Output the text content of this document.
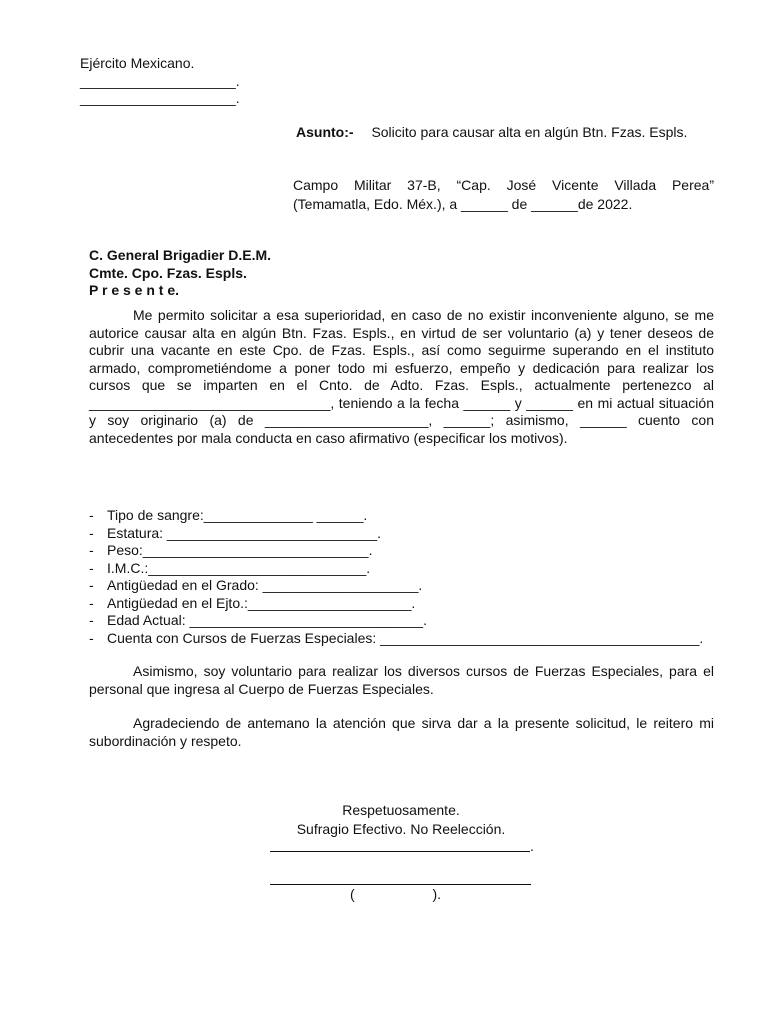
Ejército Mexicano.
____________________.
____________________.
Asunto:- Solicito para causar alta en algún Btn. Fzas. Espls.
Campo Militar 37-B, “Cap. José Vicente Villada Perea”
(Temamatla, Edo. Méx.), a ______ de ______de 2022.
C. General Brigadier D.E.M.
Cmte. Cpo. Fzas. Espls.
P r e s e n t e.

Me permito solicitar a esa superioridad, en caso de no existir inconveniente alguno, se me autorice causar alta en algún Btn. Fzas. Espls., en virtud de ser voluntario (a) y tener deseos de cubrir una vacante en este Cpo. de Fzas. Espls., así como seguirme superando en el instituto armado, comprometiéndome a poner todo mi esfuerzo, empeño y dedicación para realizar los cursos que se imparten en el Cnto. de Adto. Fzas. Espls., actualmente pertenezco al _______________________________, teniendo a la fecha ______ y ______ en mi actual situación y soy originario (a) de _____________________, ______; asimismo, ______ cuento con antecedentes por mala conducta en caso afirmativo (especificar los motivos).

- Tipo de sangre:______________ ______.
- Estatura: ___________________________.
- Peso:_____________________________.
- I.M.C.:____________________________.
- Antigüedad en el Grado: ____________________.
- Antigüedad en el Ejto.:_____________________.
- Edad Actual: ______________________________.
- Cuenta con Cursos de Fuerzas Especiales: _________________________________________.

Asimismo, soy voluntario para realizar los diversos cursos de Fuerzas Especiales, para el personal que ingresa al Cuerpo de Fuerzas Especiales.

Agradeciendo de antemano la atención que sirva dar a la presente solicitud, le reitero mi subordinación y respeto.

Respetuosamente.
Sufragio Efectivo. No Reelección.
.
(                    ).
